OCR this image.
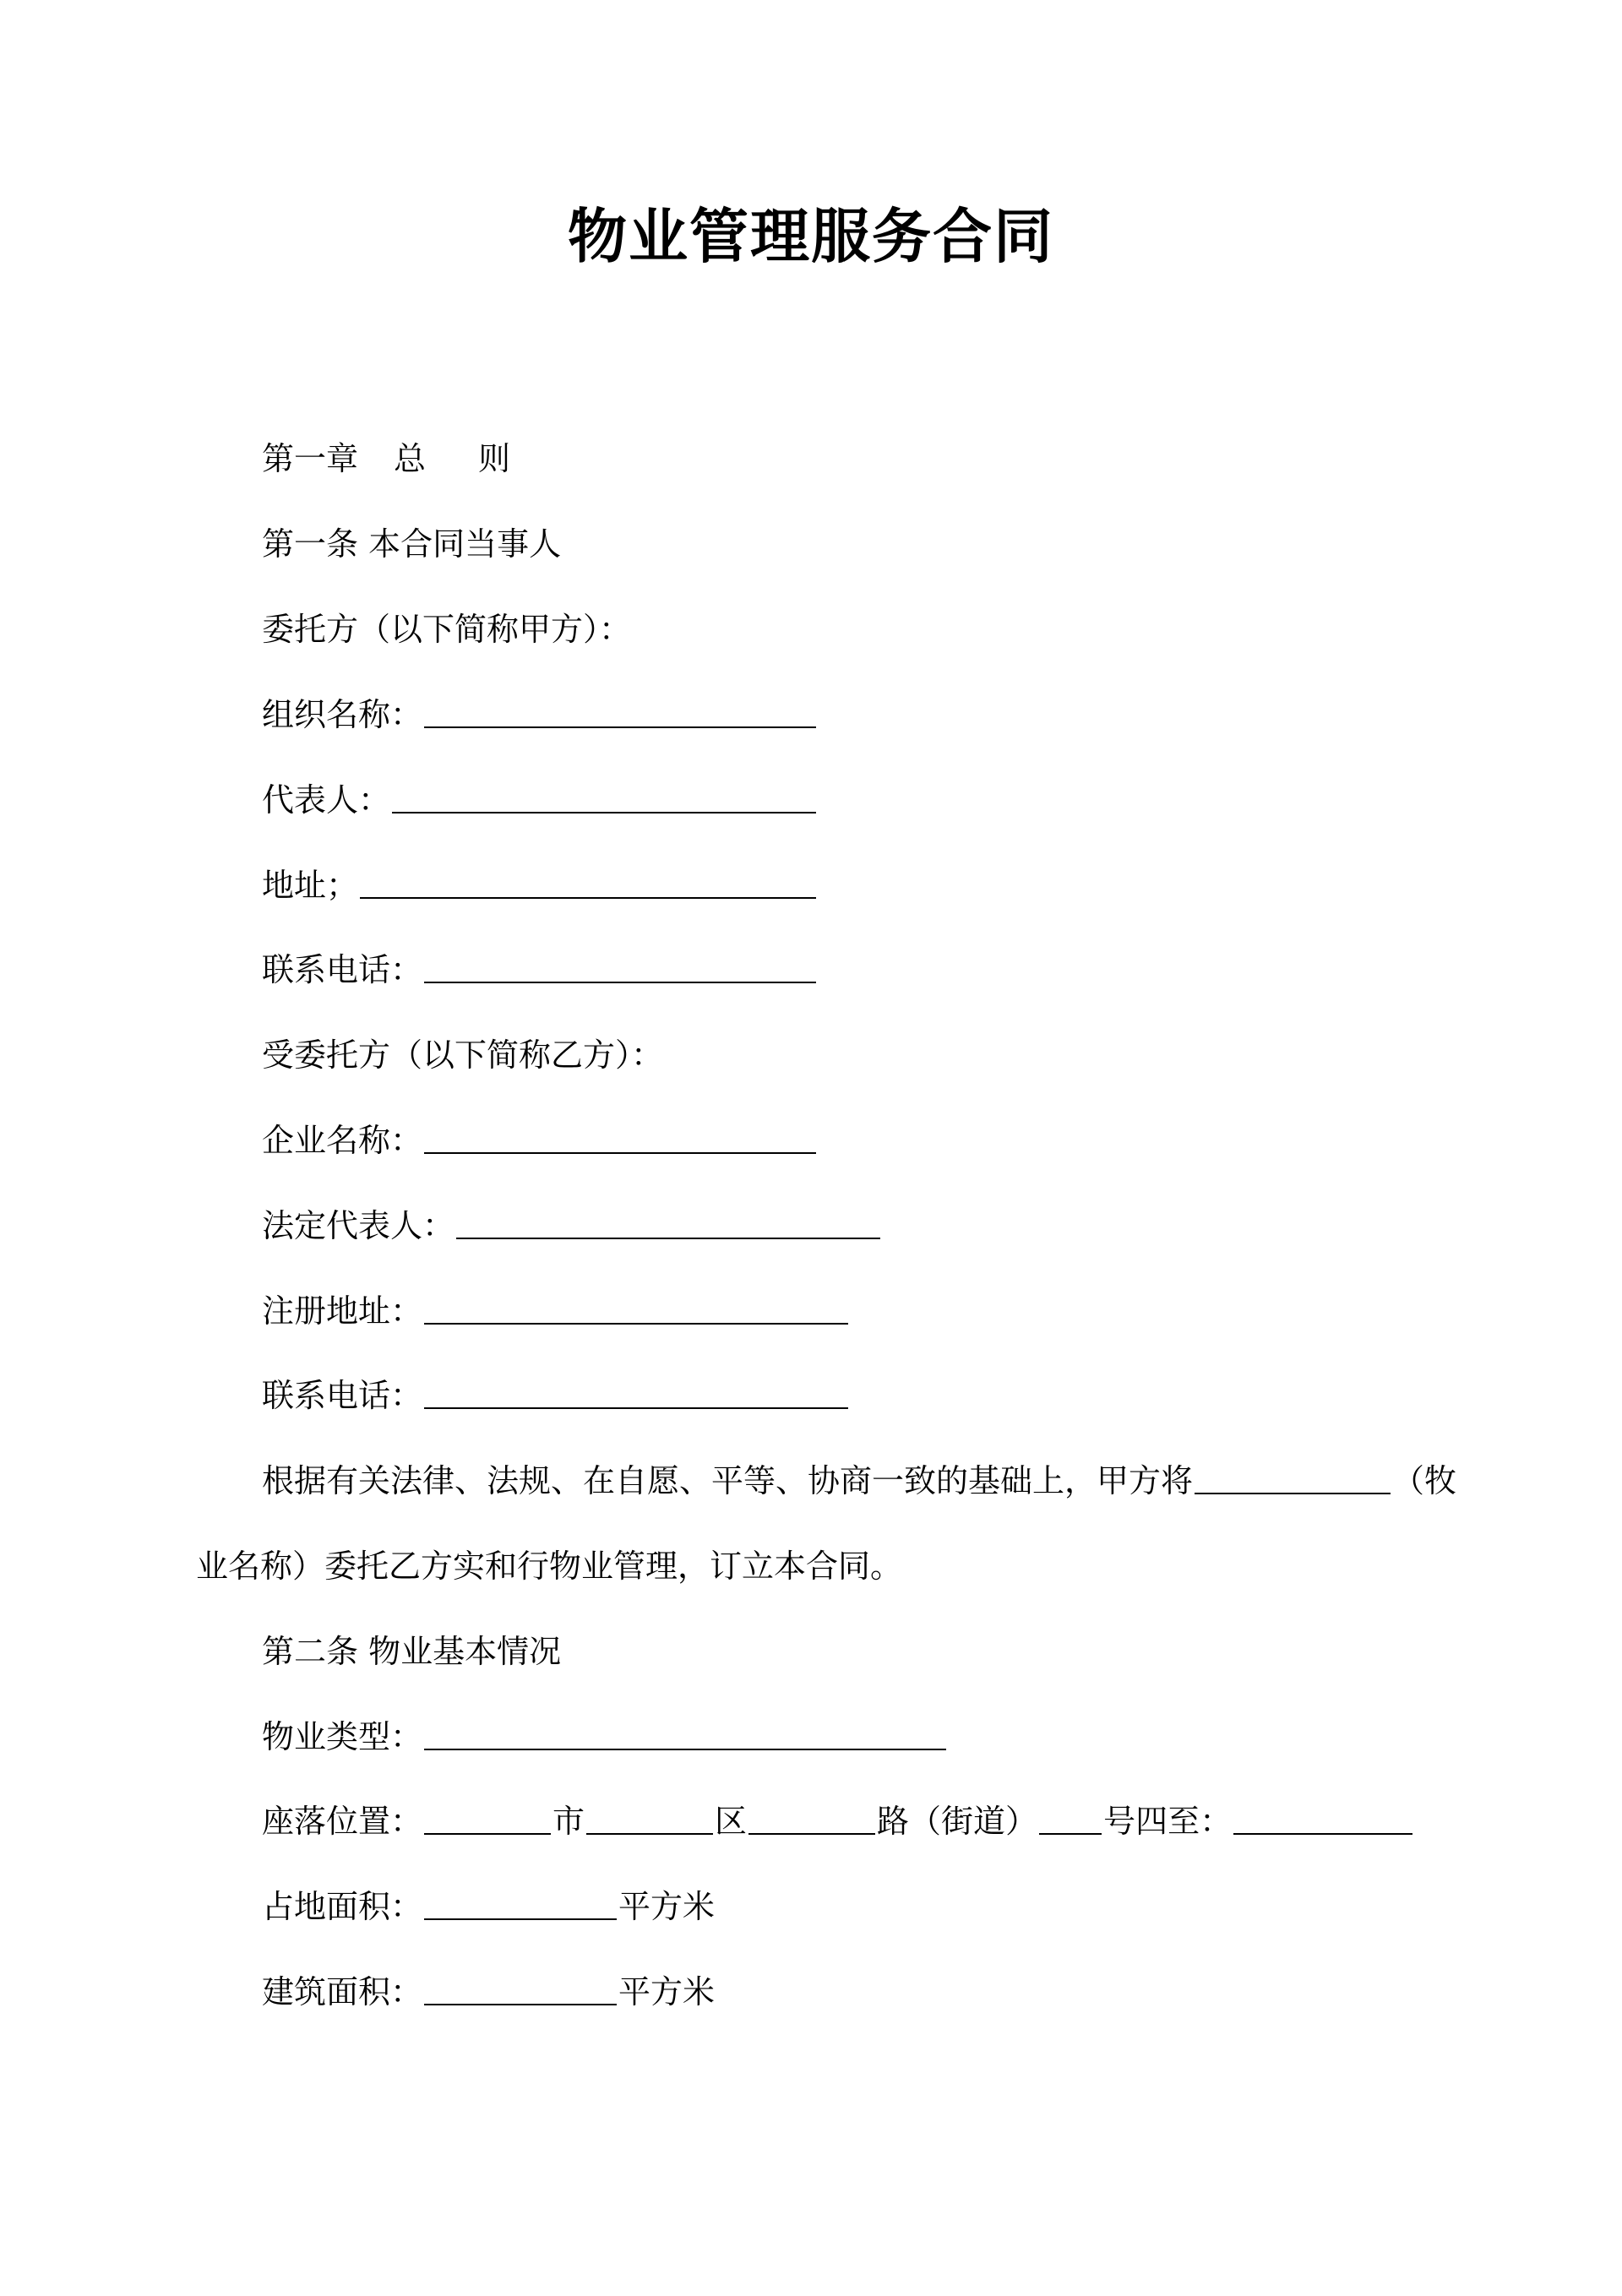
物业管理服务合同
第一章 总 则
第一条 本合同当事人
委托方（以下简称甲方）：
组织名称：
代表人：
地址；
联系电话：
受委托方（以下简称乙方）：
企业名称：
法定代表人：
注册地址：
联系电话：
根据有关法律、法规、在自愿、平等、协商一致的基础上，甲方将	（牧
业名称）委托乙方实和行物业管理，订立本合同。
第二条 物业基本情况
物业类型：
座落位置：	市	区	路（街道） 号四至：
占地面积：	平方米
建筑面积：	平方米
